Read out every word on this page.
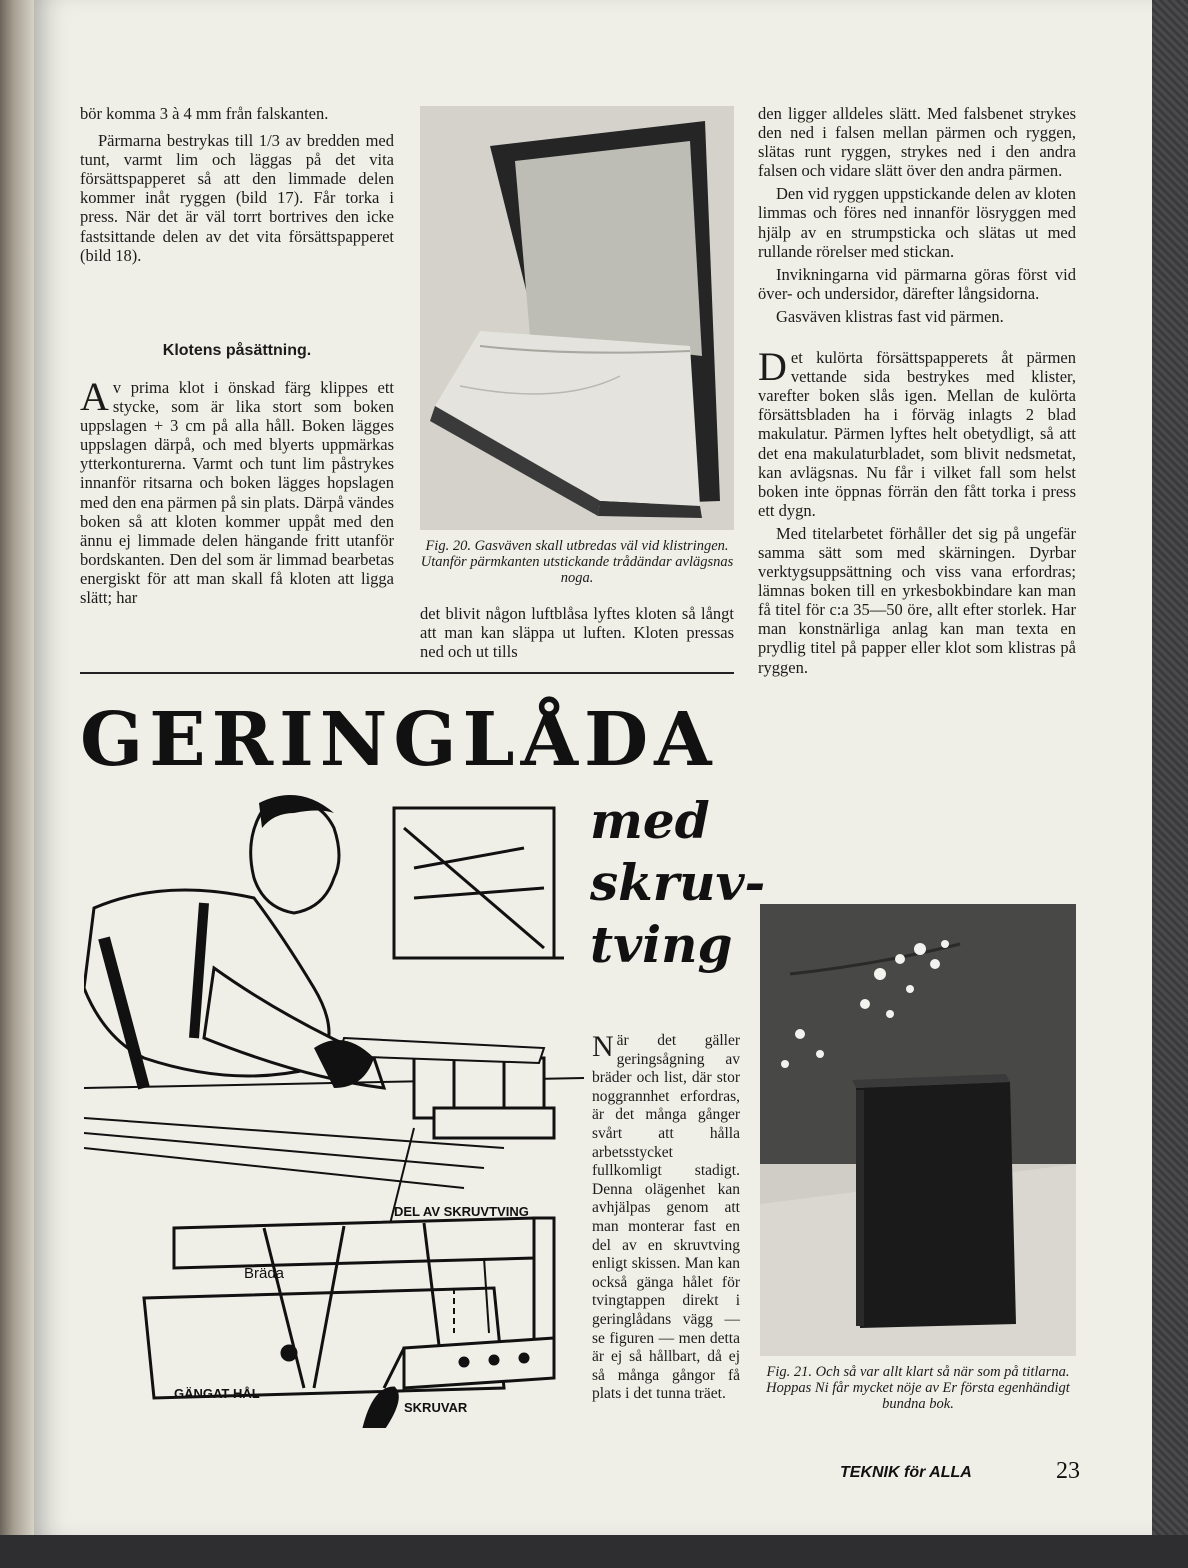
bör komma 3 à 4 mm från falskanten.

Pärmarna bestrykas till 1/3 av bredden med tunt, varmt lim och läggas på det vita försättspapperet så att den limmade delen kommer inåt ryggen (bild 17). Får torka i press. När det är väl torrt bortrives den icke fastsittande delen av det vita försättspapperet (bild 18).

Klotens påsättning.
A v prima klot i önskad färg klippes ett stycke, som är lika stort som boken uppslagen + 3 cm på alla håll. Boken lägges uppslagen därpå, och med blyerts uppmärkas ytterkonturerna. Varmt och tunt lim påstrykes innanför ritsarna och boken lägges hopslagen med den ena pärmen på sin plats. Därpå vändes boken så att kloten kommer uppåt med den ännu ej limmade delen hängande fritt utanför bordskanten. Den del som är limmad bearbetas energiskt för att man skall få kloten att ligga slätt; har
Fig. 20. Gasväven skall utbredas väl vid klistringen. Utanför pärmkanten utstickande trådändar avlägsnas noga.

det blivit någon luftblåsa lyftes kloten så långt att man kan släppa ut luften. Kloten pressas ned och ut tills

den ligger alldeles slätt. Med falsbenet strykes den ned i falsen mellan pärmen och ryggen, slätas runt ryggen, strykes ned i den andra falsen och vidare slätt över den andra pärmen.

Den vid ryggen uppstickande delen av kloten limmas och föres ned innanför lösryggen med hjälp av en strumpsticka och slätas ut med rullande rörelser med stickan.

Invikningarna vid pärmarna göras först vid över- och undersidor, därefter långsidorna.

Gasväven klistras fast vid pärmen.

D et kulörta försättspapperets åt pärmen vettande sida bestrykes med klister, varefter boken slås igen. Mellan de kulörta försättsbladen ha i förväg inlagts 2 blad makulatur. Pärmen lyftes helt obetydligt, så att det ena makulaturbladet, som blivit nedsmetat, kan avlägsnas. Nu får i vilket fall som helst boken inte öppnas förrän den fått torka i press ett dygn.

Med titelarbetet förhåller det sig på ungefär samma sätt som med skärningen. Dyrbar verktygsuppsättning och viss vana erfordras; lämnas boken till en yrkesbokbindare kan man få titel för c:a 35—50 öre, allt efter storlek. Har man konstnärliga anlag kan man texta en prydlig titel på papper eller klot som klistras på ryggen.

Fig. 21. Och så var allt klart så när som på titlarna. Hoppas Ni får mycket nöje av Er första egenhändigt bundna bok.
GERINGLÅDA
med
skruv-
tving
DEL AV SKRUVTVING
Bräda
GÄNGAT HÅL
SKRUVAR
N är det gäller geringsågning av bräder och list, där stor noggrannhet erfordras, är det många gånger svårt att hålla arbetsstycket fullkomligt stadigt. Denna olägenhet kan avhjälpas genom att man monterar fast en del av en skruvtving enligt skissen. Man kan också gänga hålet för tvingtappen direkt i geringlådans vägg — se figuren — men detta är ej så hållbart, då ej så många gångor få plats i det tunna träet.
TEKNIK för ALLA	23
